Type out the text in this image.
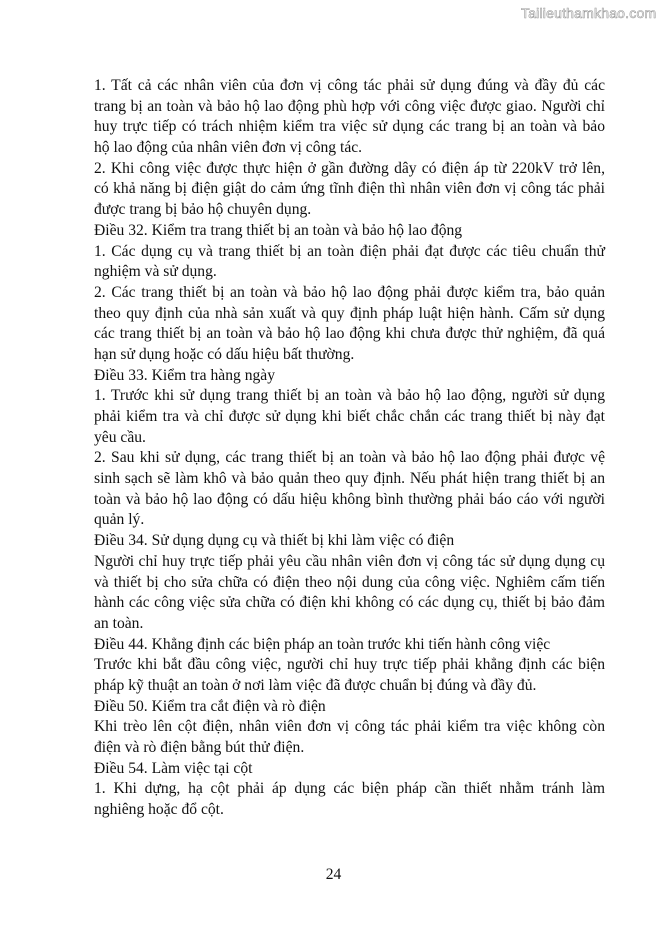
Tailieuthamkhao.com
1. Tất cả các nhân viên của đơn vị công tác phải sử dụng đúng và đầy đủ các
trang bị an toàn và bảo hộ lao động phù hợp với công việc được giao. Người chỉ
huy trực tiếp có trách nhiệm kiểm tra việc sử dụng các trang bị an toàn và bảo
hộ lao động của nhân viên đơn vị công tác.
2. Khi công việc được thực hiện ở gần đường dây có điện áp từ 220kV trở lên,
có khả năng bị điện giật do cảm ứng tĩnh điện thì nhân viên đơn vị công tác phải
được trang bị bảo hộ chuyên dụng.
Điều 32. Kiểm tra trang thiết bị an toàn và bảo hộ lao động
1. Các dụng cụ và trang thiết bị an toàn điện phải đạt được các tiêu chuẩn thử
nghiệm và sử dụng.
2. Các trang thiết bị an toàn và bảo hộ lao động phải được kiểm tra, bảo quản
theo quy định của nhà sản xuất và quy định pháp luật hiện hành. Cấm sử dụng
các trang thiết bị an toàn và bảo hộ lao động khi chưa được thử nghiệm, đã quá
hạn sử dụng hoặc có dấu hiệu bất thường.
Điều 33. Kiểm tra hàng ngày
1. Trước khi sử dụng trang thiết bị an toàn và bảo hộ lao động, người sử dụng
phải kiểm tra và chỉ được sử dụng khi biết chắc chắn các trang thiết bị này đạt
yêu cầu.
2. Sau khi sử dụng, các trang thiết bị an toàn và bảo hộ lao động phải được vệ
sinh sạch sẽ làm khô và bảo quản theo quy định. Nếu phát hiện trang thiết bị an
toàn và bảo hộ lao động có dấu hiệu không bình thường phải báo cáo với người
quản lý.
Điều 34. Sử dụng dụng cụ và thiết bị khi làm việc có điện
Người chỉ huy trực tiếp phải yêu cầu nhân viên đơn vị công tác sử dụng dụng cụ
và thiết bị cho sửa chữa có điện theo nội dung của công việc. Nghiêm cấm tiến
hành các công việc sửa chữa có điện khi không có các dụng cụ, thiết bị bảo đảm
an toàn.
Điều 44. Khẳng định các biện pháp an toàn trước khi tiến hành công việc
Trước khi bắt đầu công việc, người chỉ huy trực tiếp phải khẳng định các biện
pháp kỹ thuật an toàn ở nơi làm việc đã được chuẩn bị đúng và đầy đủ.
Điều 50. Kiểm tra cắt điện và rò điện
Khi trèo lên cột điện, nhân viên đơn vị công tác phải kiểm tra việc không còn
điện và rò điện bằng bút thử điện.
Điều 54. Làm việc tại cột
1. Khi dựng, hạ cột phải áp dụng các biện pháp cần thiết nhằm tránh làm
nghiêng hoặc đổ cột.
24
